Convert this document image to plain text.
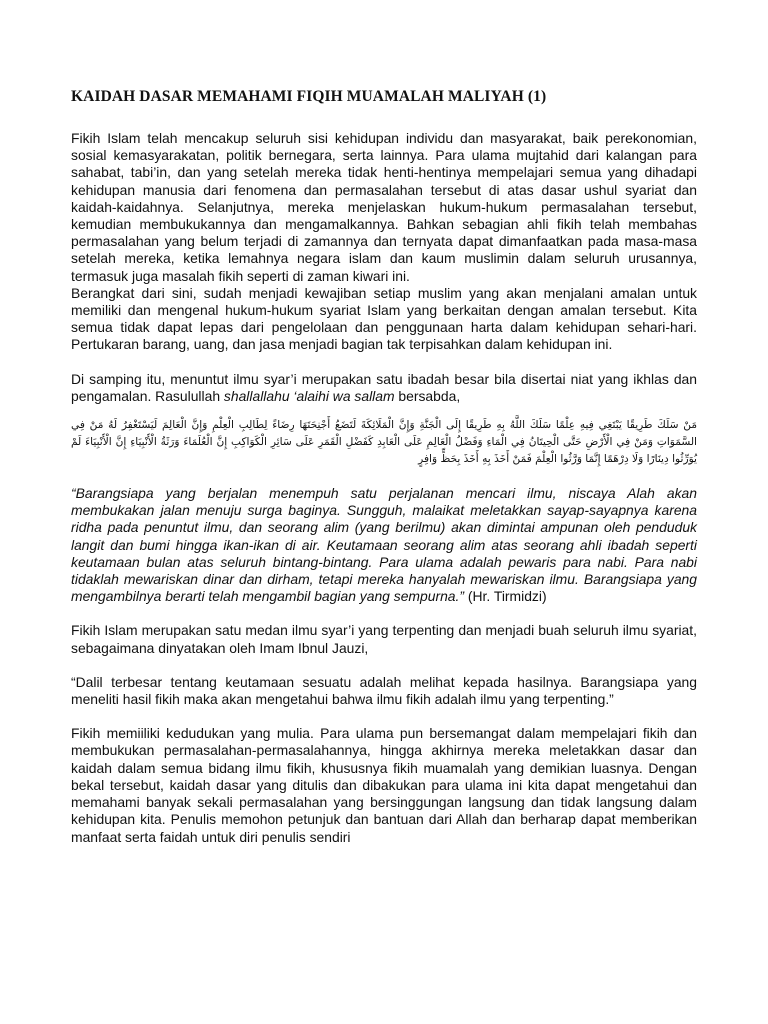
KAIDAH DASAR MEMAHAMI FIQIH MUAMALAH MALIYAH (1)

Fikih Islam telah mencakup seluruh sisi kehidupan individu dan masyarakat, baik perekonomian, sosial kemasyarakatan, politik bernegara, serta lainnya. Para ulama mujtahid dari kalangan para sahabat, tabi’in, dan yang setelah mereka tidak henti-hentinya mempelajari semua yang dihadapi kehidupan manusia dari fenomena dan permasalahan tersebut di atas dasar ushul syariat dan kaidah-kaidahnya. Selanjutnya, mereka menjelaskan hukum-hukum permasalahan tersebut, kemudian membukukannya dan mengamalkannya. Bahkan sebagian ahli fikih telah membahas permasalahan yang belum terjadi di zamannya dan ternyata dapat dimanfaatkan pada masa-masa setelah mereka, ketika lemahnya negara islam dan kaum muslimin dalam seluruh urusannya, termasuk juga masalah fikih seperti di zaman kiwari ini.

Berangkat dari sini, sudah menjadi kewajiban setiap muslim yang akan menjalani amalan untuk memiliki dan mengenal hukum-hukum syariat Islam yang berkaitan dengan amalan tersebut. Kita semua tidak dapat lepas dari pengelolaan dan penggunaan harta dalam kehidupan sehari-hari. Pertukaran barang, uang, dan jasa menjadi bagian tak terpisahkan dalam kehidupan ini.

Di samping itu, menuntut ilmu syar’i merupakan satu ibadah besar bila disertai niat yang ikhlas dan pengamalan. Rasulullah shallallahu ‘alaihi wa sallam bersabda,

مَنْ سَلَكَ طَرِيقًا يَبْتَغِي فِيهِ عِلْمًا سَلَكَ اللَّهُ بِهِ طَرِيقًا إِلَى الْجَنَّةِ وَإِنَّ الْمَلَائِكَةَ لَتَضَعُ أَجْنِحَتَهَا رِضَاءً لِطَالِبِ الْعِلْمِ وَإِنَّ الْعَالِمَ لَيَسْتَغْفِرُ لَهُ مَنْ فِي السَّمَوَاتِ وَمَنْ فِي الْأَرْضِ حَتَّى الْحِيتَانُ فِي الْمَاءِ وَفَضْلُ الْعَالِمِ عَلَى الْعَابِدِ كَفَضْلِ الْقَمَرِ عَلَى سَائِرِ الْكَوَاكِبِ إِنَّ الْعُلَمَاءَ وَرَثَةُ الْأَنْبِيَاءِ إِنَّ الْأَنْبِيَاءَ لَمْ يُوَرِّثُوا دِينَارًا وَلَا دِرْهَمًا إِنَّمَا وَرَّثُوا الْعِلْمَ فَمَنْ أَخَذَ بِهِ أَخَذَ بِحَظٍّ وَافِرٍ

“Barangsiapa yang berjalan menempuh satu perjalanan mencari ilmu, niscaya Alah akan membukakan jalan menuju surga baginya. Sungguh, malaikat meletakkan sayap-sayapnya karena ridha pada penuntut ilmu, dan seorang alim (yang berilmu) akan dimintai ampunan oleh penduduk langit dan bumi hingga ikan-ikan di air. Keutamaan seorang alim atas seorang ahli ibadah seperti keutamaan bulan atas seluruh bintang-bintang. Para ulama adalah pewaris para nabi. Para nabi tidaklah mewariskan dinar dan dirham, tetapi mereka hanyalah mewariskan ilmu. Barangsiapa yang mengambilnya berarti telah mengambil bagian yang sempurna.” (Hr. Tirmidzi)

Fikih Islam merupakan satu medan ilmu syar’i yang terpenting dan menjadi buah seluruh ilmu syariat, sebagaimana dinyatakan oleh Imam Ibnul Jauzi,

“Dalil terbesar tentang keutamaan sesuatu adalah melihat kepada hasilnya. Barangsiapa yang meneliti hasil fikih maka akan mengetahui bahwa ilmu fikih adalah ilmu yang terpenting.”

Fikih memiiliki kedudukan yang mulia. Para ulama pun bersemangat dalam mempelajari fikih dan membukukan permasalahan-permasalahannya, hingga akhirnya mereka meletakkan dasar dan kaidah dalam semua bidang ilmu fikih, khususnya fikih muamalah yang demikian luasnya. Dengan bekal tersebut, kaidah dasar yang ditulis dan dibakukan para ulama ini kita dapat mengetahui dan memahami banyak sekali permasalahan yang bersinggungan langsung dan tidak langsung dalam kehidupan kita. Penulis memohon petunjuk dan bantuan dari Allah dan berharap dapat memberikan manfaat serta faidah untuk diri penulis sendiri
